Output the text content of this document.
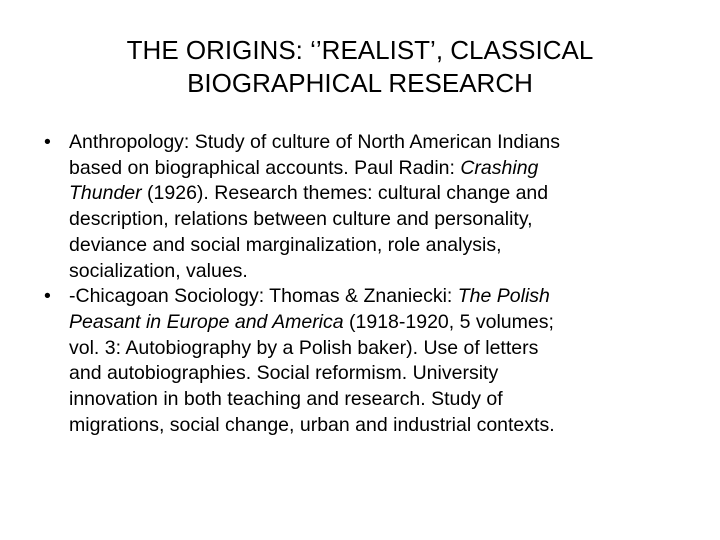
THE ORIGINS: ‘’REALIST’, CLASSICAL
BIOGRAPHICAL RESEARCH
• Anthropology: Study of culture of North American Indians
based on biographical accounts. Paul Radin: Crashing
Thunder (1926). Research themes: cultural change and
description, relations between culture and personality,
deviance and social marginalization, role analysis,
socialization, values.
• -Chicagoan Sociology: Thomas & Znaniecki: The Polish
Peasant in Europe and America (1918-1920, 5 volumes;
vol. 3: Autobiography by a Polish baker). Use of letters
and autobiographies. Social reformism. University
innovation in both teaching and research. Study of
migrations, social change, urban and industrial contexts.
